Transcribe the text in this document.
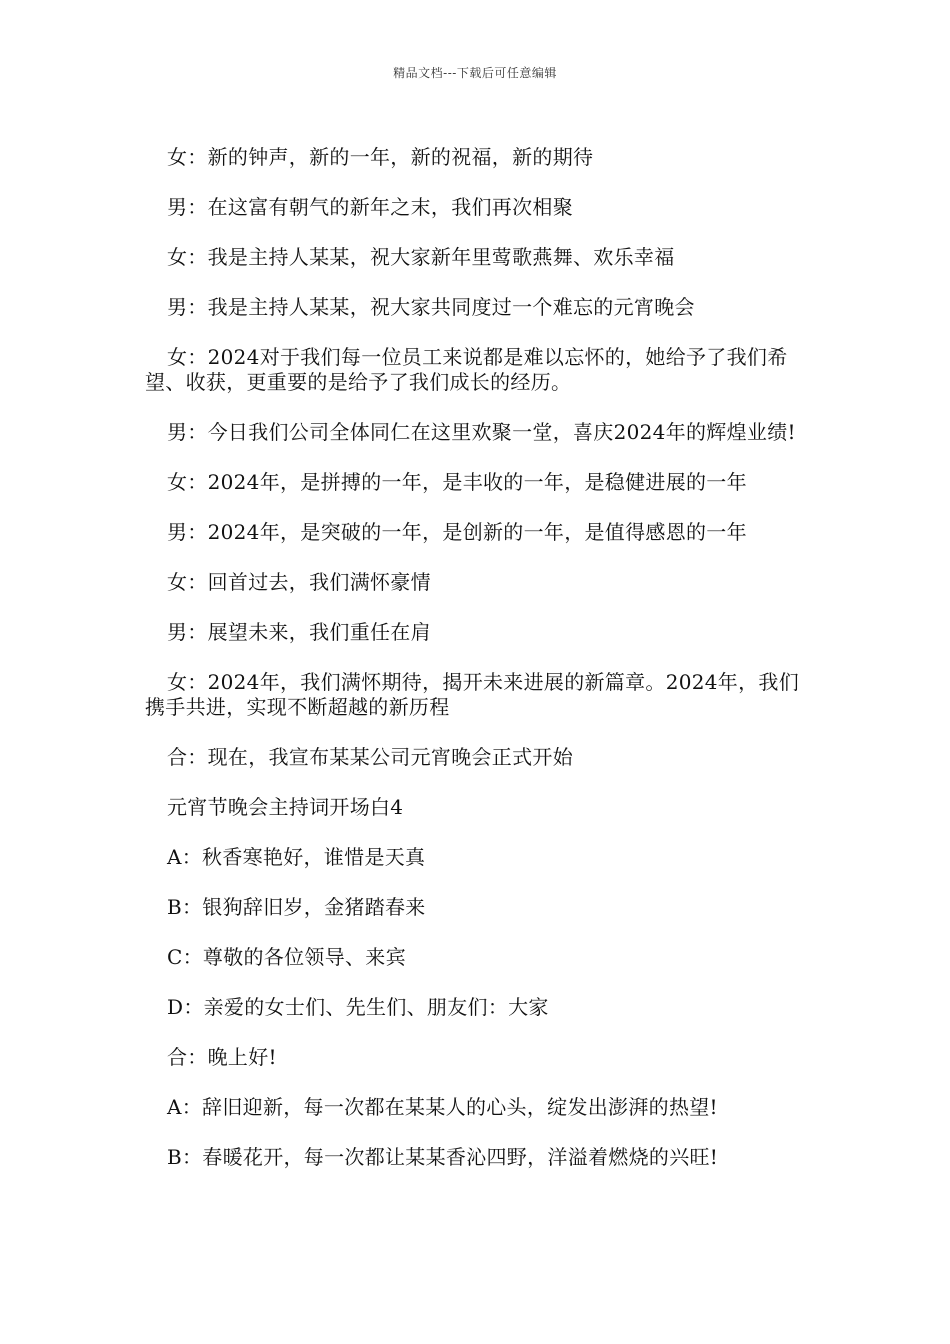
精品文档---下载后可任意编辑

女：新的钟声，新的一年，新的祝福，新的期待

男：在这富有朝气的新年之末，我们再次相聚

女：我是主持人某某，祝大家新年里莺歌燕舞、欢乐幸福

男：我是主持人某某，祝大家共同度过一个难忘的元宵晚会

女：2024对于我们每一位员工来说都是难以忘怀的，她给予了我们希望、收获，更重要的是给予了我们成长的经历。

男：今日我们公司全体同仁在这里欢聚一堂，喜庆2024年的辉煌业绩!

女：2024年，是拼搏的一年，是丰收的一年，是稳健进展的一年

男：2024年，是突破的一年，是创新的一年，是值得感恩的一年

女：回首过去，我们满怀豪情

男：展望未来，我们重任在肩

女：2024年，我们满怀期待，揭开未来进展的新篇章。2024年，我们携手共进，实现不断超越的新历程

合：现在，我宣布某某公司元宵晚会正式开始

元宵节晚会主持词开场白4

A：秋香寒艳好，谁惜是天真

B：银狗辞旧岁，金猪踏春来

C：尊敬的各位领导、来宾

D：亲爱的女士们、先生们、朋友们：大家

合：晚上好!

A：辞旧迎新，每一次都在某某人的心头，绽发出澎湃的热望!

B：春暖花开，每一次都让某某香沁四野，洋溢着燃烧的兴旺!
